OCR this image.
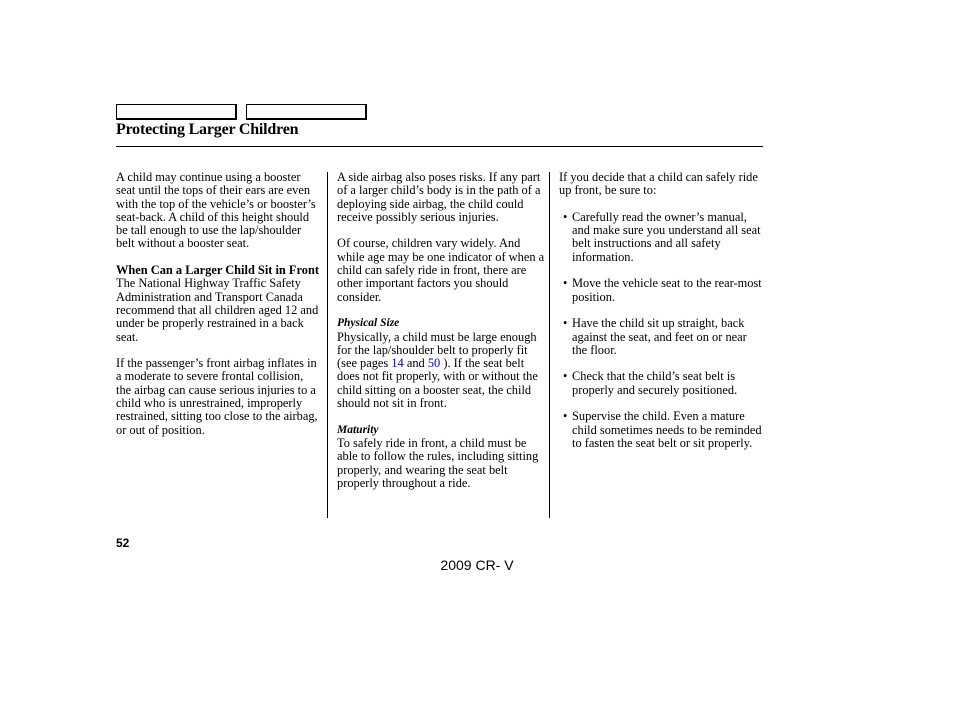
Protecting Larger Children

A child may continue using a booster seat until the tops of their ears are even with the top of the vehicle’s or booster’s seat-back. A child of this height should be tall enough to use the lap/shoulder belt without a booster seat.

When Can a Larger Child Sit in Front

The National Highway Traffic Safety Administration and Transport Canada recommend that all children aged 12 and under be properly restrained in a back seat.

If the passenger’s front airbag inflates in a moderate to severe frontal collision, the airbag can cause serious injuries to a child who is unrestrained, improperly restrained, sitting too close to the airbag, or out of position.

A side airbag also poses risks. If any part of a larger child’s body is in the path of a deploying side airbag, the child could receive possibly serious injuries.

Of course, children vary widely. And while age may be one indicator of when a child can safely ride in front, there are other important factors you should consider.

Physical Size

Physically, a child must be large enough for the lap/shoulder belt to properly fit (see pages 14 and 50 ). If the seat belt does not fit properly, with or without the child sitting on a booster seat, the child should not sit in front.

Maturity

To safely ride in front, a child must be able to follow the rules, including sitting properly, and wearing the seat belt properly throughout a ride.

If you decide that a child can safely ride up front, be sure to:

• Carefully read the owner’s manual, and make sure you understand all seat belt instructions and all safety information.
• Move the vehicle seat to the rear-most position.
• Have the child sit up straight, back against the seat, and feet on or near the floor.
• Check that the child’s seat belt is properly and securely positioned.
• Supervise the child. Even a mature child sometimes needs to be reminded to fasten the seat belt or sit properly.
52
2009 CR- V
